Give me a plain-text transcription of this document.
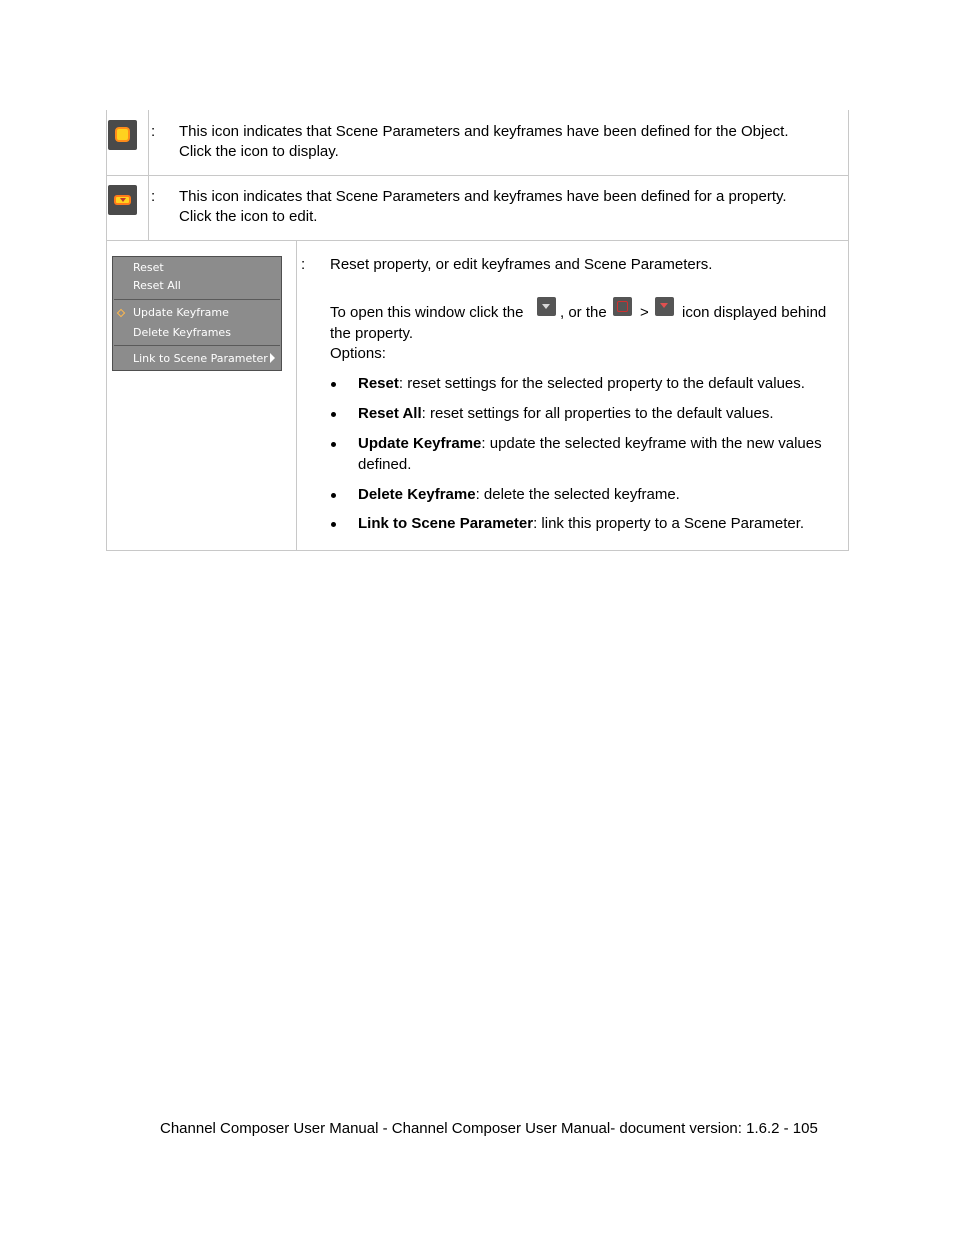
: This icon indicates that Scene Parameters and keyframes have been defined for the Object.
Click the icon to display.
: This icon indicates that Scene Parameters and keyframes have been defined for a property.
Click the icon to edit.
Reset
Reset All
Update Keyframe
Delete Keyframes
Link to Scene Parameter
: Reset property, or edit keyframes and Scene Parameters.
To open this window click the , or the > icon displayed behind
the property.
Options:
Reset: reset settings for the selected property to the default values.
Reset All: reset settings for all properties to the default values.
Update Keyframe: update the selected keyframe with the new values
defined.
Delete Keyframe: delete the selected keyframe.
Link to Scene Parameter: link this property to a Scene Parameter.
Channel Composer User Manual - Channel Composer User Manual- document version: 1.6.2 - 105
